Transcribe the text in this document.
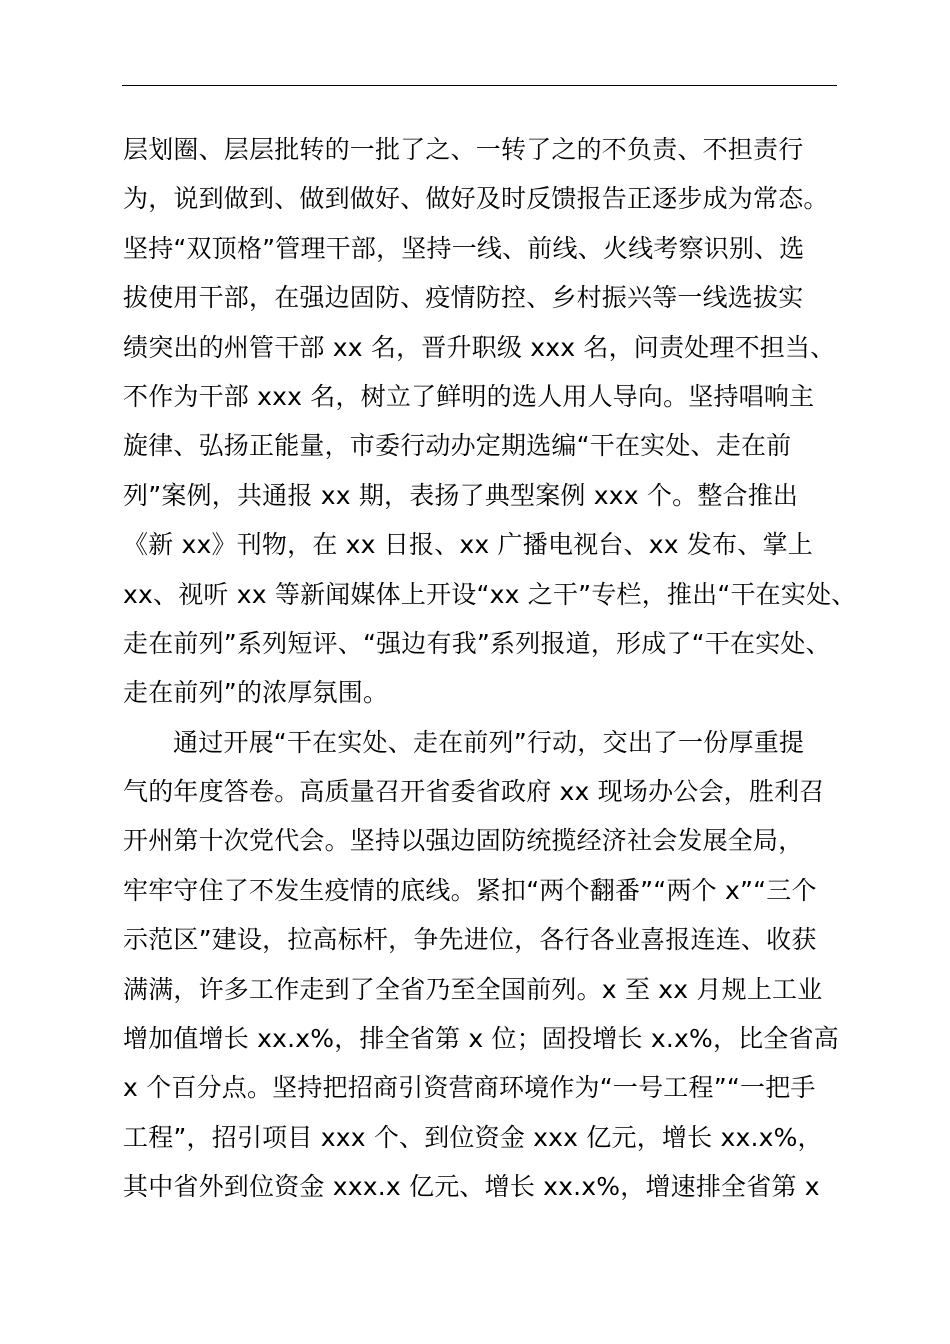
层划圈、层层批转的一批了之、一转了之的不负责、不担责行
为，说到做到、做到做好、做好及时反馈报告正逐步成为常态。
坚持“双顶格”管理干部，坚持一线、前线、火线考察识别、选
拔使用干部，在强边固防、疫情防控、乡村振兴等一线选拔实
绩突出的州管干部 xx 名，晋升职级 xxx 名，问责处理不担当、
不作为干部 xxx 名，树立了鲜明的选人用人导向。坚持唱响主
旋律、弘扬正能量，市委行动办定期选编“干在实处、走在前
列”案例，共通报 xx 期，表扬了典型案例 xxx 个。整合推出
《新 xx》刊物，在 xx 日报、xx 广播电视台、xx 发布、掌上
xx、视听 xx 等新闻媒体上开设“xx 之干”专栏，推出“干在实处、
走在前列”系列短评、“强边有我”系列报道，形成了“干在实处、
走在前列”的浓厚氛围。
通过开展“干在实处、走在前列”行动，交出了一份厚重提
气的年度答卷。高质量召开省委省政府 xx 现场办公会，胜利召
开州第十次党代会。坚持以强边固防统揽经济社会发展全局，
牢牢守住了不发生疫情的底线。紧扣“两个翻番”“两个 x”“三个
示范区”建设，拉高标杆，争先进位，各行各业喜报连连、收获
满满，许多工作走到了全省乃至全国前列。x 至 xx 月规上工业
增加值增长 xx.x%，排全省第 x 位；固投增长 x.x%，比全省高
x 个百分点。坚持把招商引资营商环境作为“一号工程”“一把手
工程”，招引项目 xxx 个、到位资金 xxx 亿元，增长 xx.x%，
其中省外到位资金 xxx.x 亿元、增长 xx.x%，增速排全省第 x
